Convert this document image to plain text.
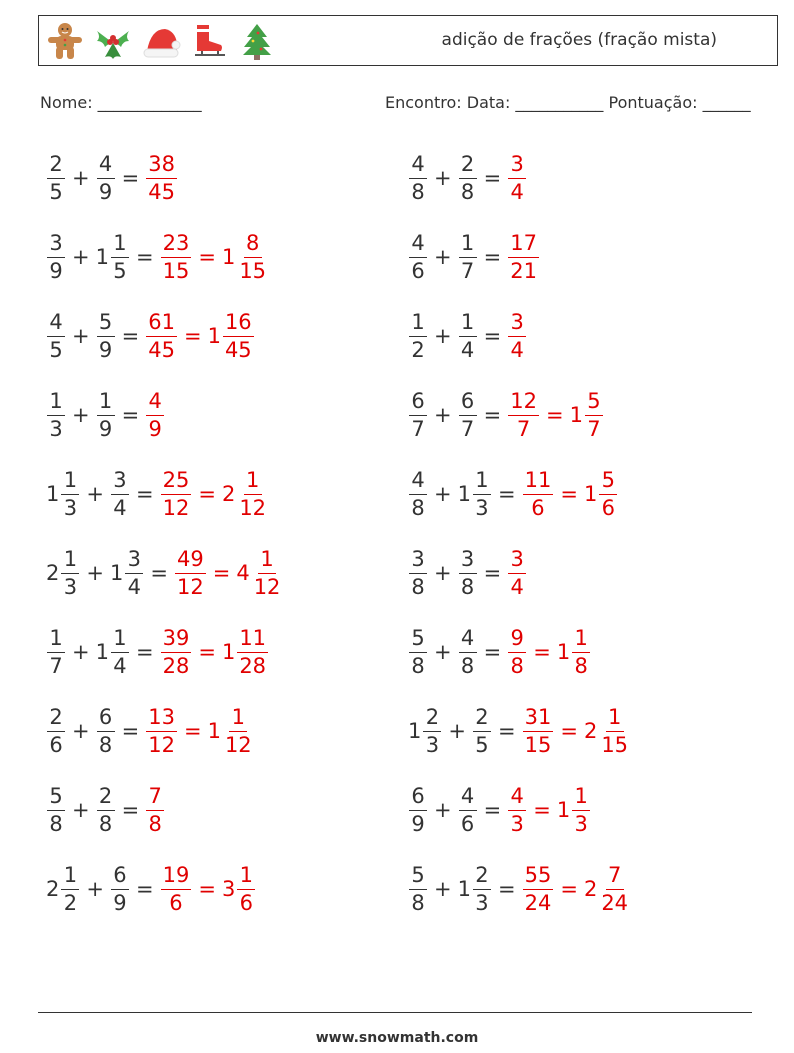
adição de frações (fração mista)
Nome: _____________	Encontro: Data: ___________ Pontuação: ______
$\frac{2}{5} + \frac{4}{9} = \frac{38}{45}$	$\frac{4}{8} + \frac{2}{8} = \frac{3}{4}$
$\frac{3}{9} + 1 \frac{1}{5} = \frac{23}{15} = 1 \frac{8}{15}$	$\frac{4}{6} + \frac{1}{7} = \frac{17}{21}$
$\frac{4}{5} + \frac{5}{9} = \frac{61}{45} = 1 \frac{16}{45}$	$\frac{1}{2} + \frac{1}{4} = \frac{3}{4}$
$\frac{1}{3} + \frac{1}{9} = \frac{4}{9}$	$\frac{6}{7} + \frac{6}{7} = \frac{12}{7} = 1 \frac{5}{7}$
$1 \frac{1}{3} + \frac{3}{4} = \frac{25}{12} = 2 \frac{1}{12}$	$\frac{4}{8} + 1 \frac{1}{3} = \frac{11}{6} = 1 \frac{5}{6}$
$2 \frac{1}{3} + 1 \frac{3}{4} = \frac{49}{12} = 4 \frac{1}{12}$	$\frac{3}{8} + \frac{3}{8} = \frac{3}{4}$
$\frac{1}{7} + 1 \frac{1}{4} = \frac{39}{28} = 1 \frac{11}{28}$	$\frac{5}{8} + \frac{4}{8} = \frac{9}{8} = 1 \frac{1}{8}$
$\frac{2}{6} + \frac{6}{8} = \frac{13}{12} = 1 \frac{1}{12}$	$1 \frac{2}{3} + \frac{2}{5} = \frac{31}{15} = 2 \frac{1}{15}$
$\frac{5}{8} + \frac{2}{8} = \frac{7}{8}$	$\frac{6}{9} + \frac{4}{6} = \frac{4}{3} = 1 \frac{1}{3}$
$2 \frac{1}{2} + \frac{6}{9} = \frac{19}{6} = 3 \frac{1}{6}$	$\frac{5}{8} + 1 \frac{2}{3} = \frac{55}{24} = 2 \frac{7}{24}$
www.snowmath.com
